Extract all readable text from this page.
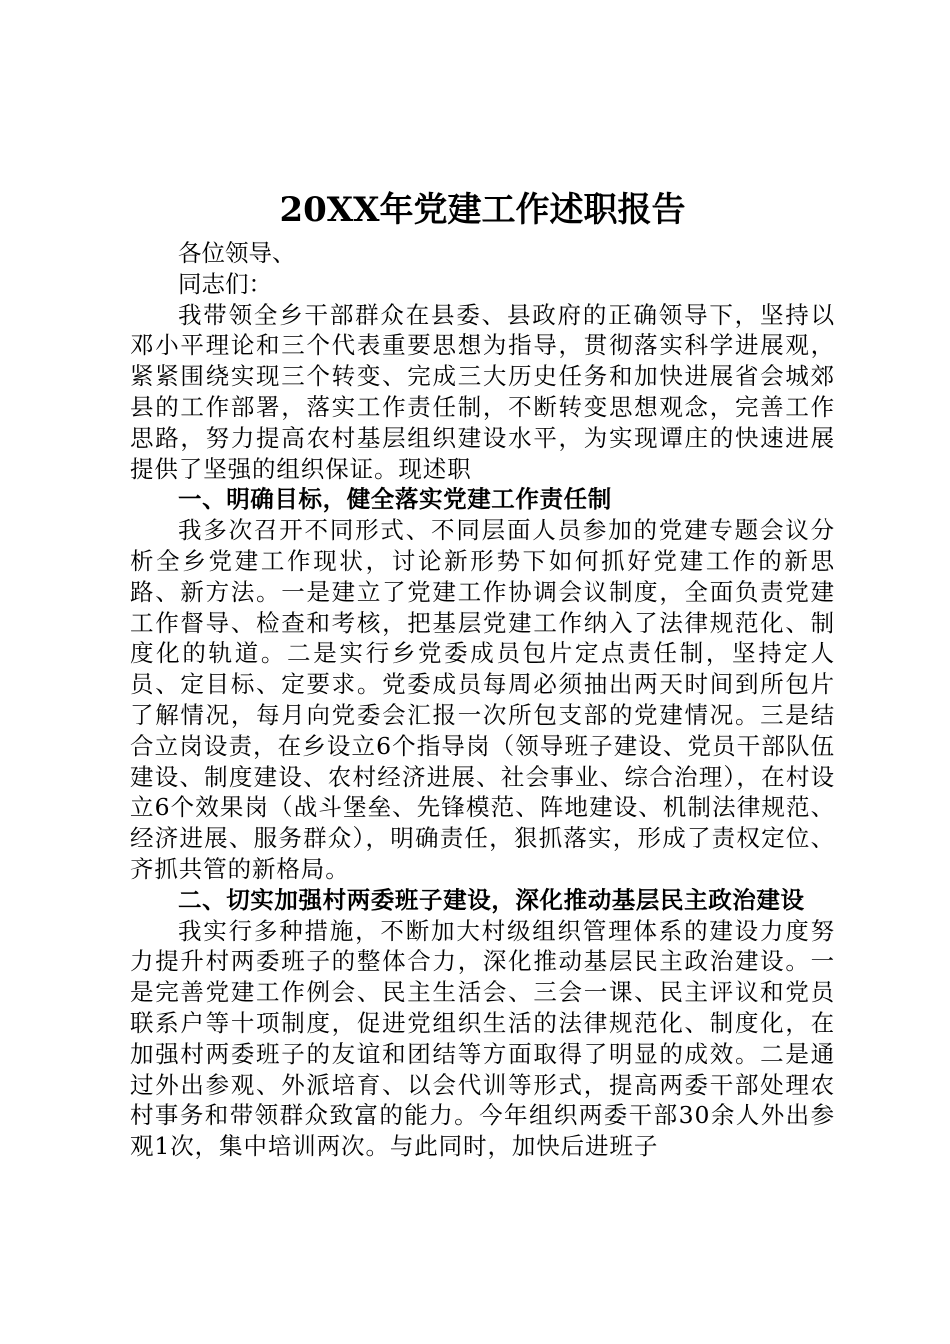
20XX年党建工作述职报告

各位领导、

同志们：

我带领全乡干部群众在县委、县政府的正确领导下，坚持以邓小平理论和三个代表重要思想为指导，贯彻落实科学进展观，紧紧围绕实现三个转变、完成三大历史任务和加快进展省会城郊县的工作部署，落实工作责任制，不断转变思想观念，完善工作思路，努力提高农村基层组织建设水平，为实现谭庄的快速进展提供了坚强的组织保证。现述职

一、明确目标，健全落实党建工作责任制

我多次召开不同形式、不同层面人员参加的党建专题会议分析全乡党建工作现状，讨论新形势下如何抓好党建工作的新思路、新方法。一是建立了党建工作协调会议制度，全面负责党建工作督导、检查和考核，把基层党建工作纳入了法律规范化、制度化的轨道。二是实行乡党委成员包片定点责任制，坚持定人员、定目标、定要求。党委成员每周必须抽出两天时间到所包片了解情况，每月向党委会汇报一次所包支部的党建情况。三是结合立岗设责，在乡设立6个指导岗（领导班子建设、党员干部队伍建设、制度建设、农村经济进展、社会事业、综合治理），在村设立6个效果岗（战斗堡垒、先锋模范、阵地建设、机制法律规范、经济进展、服务群众），明确责任，狠抓落实，形成了责权定位、齐抓共管的新格局。

二、切实加强村两委班子建设，深化推动基层民主政治建设

我实行多种措施，不断加大村级组织管理体系的建设力度努力提升村两委班子的整体合力，深化推动基层民主政治建设。一是完善党建工作例会、民主生活会、三会一课、民主评议和党员联系户等十项制度，促进党组织生活的法律规范化、制度化，在加强村两委班子的友谊和团结等方面取得了明显的成效。二是通过外出参观、外派培育、以会代训等形式，提高两委干部处理农村事务和带领群众致富的能力。今年组织两委干部30余人外出参观1次，集中培训两次。与此同时，加快后进班子
